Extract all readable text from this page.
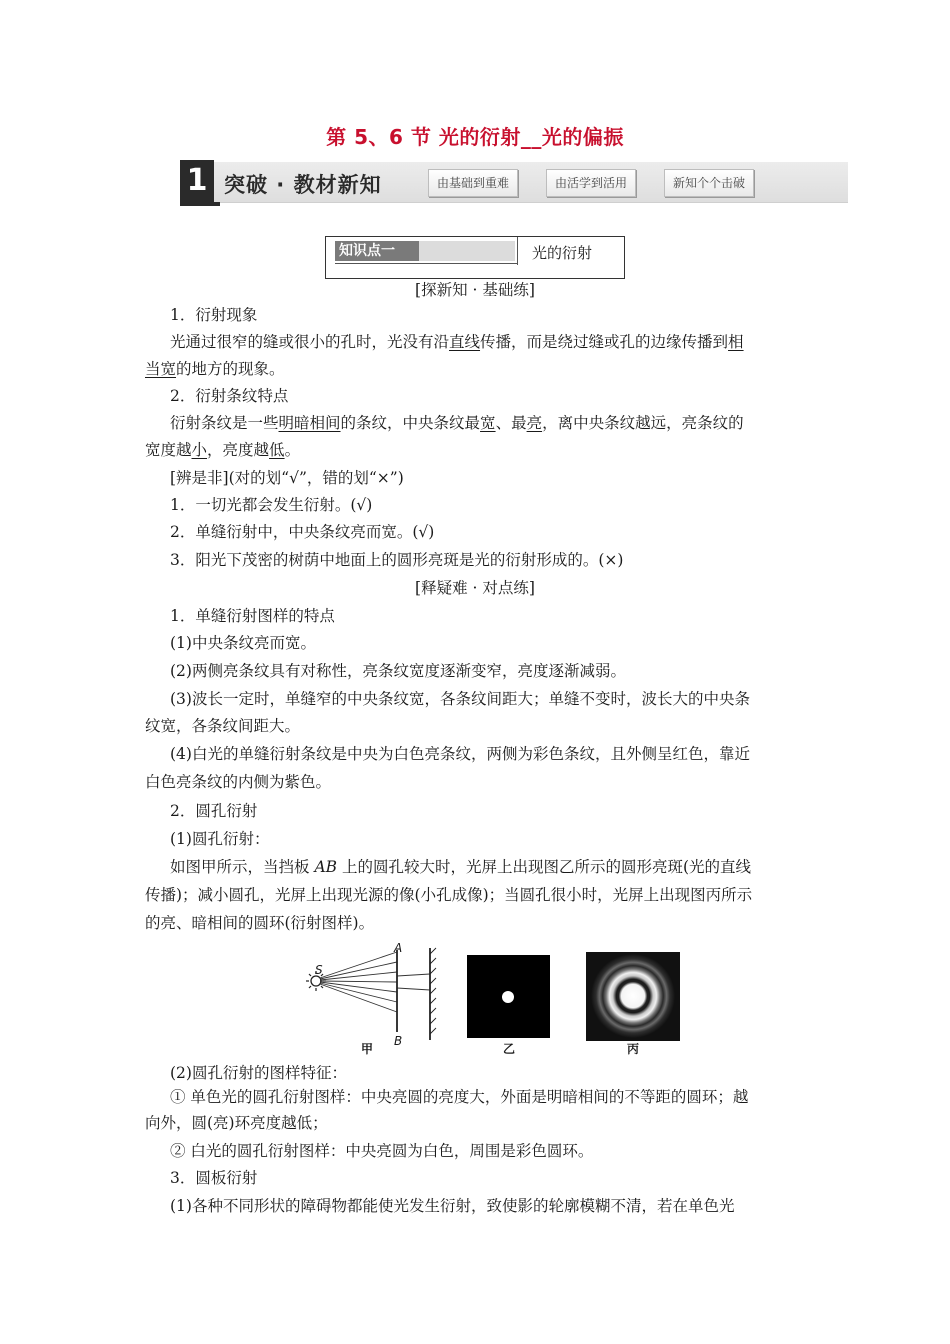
第 5、6 节 光的衍射__光的偏振
1 突破 · 教材新知	由基础到重难	由活学到活用	新知个个击破
知识点一	光的衍射
[探新知 · 基础练]
1．衍射现象
光通过很窄的缝或很小的孔时，光没有沿直线传播，而是绕过缝或孔的边缘传播到相
当宽的地方的现象。
2．衍射条纹特点
衍射条纹是一些明暗相间的条纹，中央条纹最宽、最亮，离中央条纹越远，亮条纹的
宽度越小，亮度越低。
[辨是非](对的划“√”，错的划“×”)
1．一切光都会发生衍射。(√)
2．单缝衍射中，中央条纹亮而宽。(√)
3．阳光下茂密的树荫中地面上的圆形亮斑是光的衍射形成的。(×)
[释疑难 · 对点练]
1．单缝衍射图样的特点
(1)中央条纹亮而宽。
(2)两侧亮条纹具有对称性，亮条纹宽度逐渐变窄，亮度逐渐减弱。
(3)波长一定时，单缝窄的中央条纹宽，各条纹间距大；单缝不变时，波长大的中央条
纹宽，各条纹间距大。
(4)白光的单缝衍射条纹是中央为白色亮条纹，两侧为彩色条纹，且外侧呈红色，靠近
白色亮条纹的内侧为紫色。
2．圆孔衍射
(1)圆孔衍射：
如图甲所示，当挡板 AB 上的圆孔较大时，光屏上出现图乙所示的圆形亮斑(光的直线
传播)；减小圆孔，光屏上出现光源的像(小孔成像)；当圆孔很小时，光屏上出现图丙所示
的亮、暗相间的圆环(衍射图样)。
S
A
B
甲	乙	丙
(2)圆孔衍射的图样特征：
① 单色光的圆孔衍射图样：中央亮圆的亮度大，外面是明暗相间的不等距的圆环；越
向外，圆(亮)环亮度越低；
② 白光的圆孔衍射图样：中央亮圆为白色，周围是彩色圆环。
3．圆板衍射
(1)各种不同形状的障碍物都能使光发生衍射，致使影的轮廓模糊不清，若在单色光
